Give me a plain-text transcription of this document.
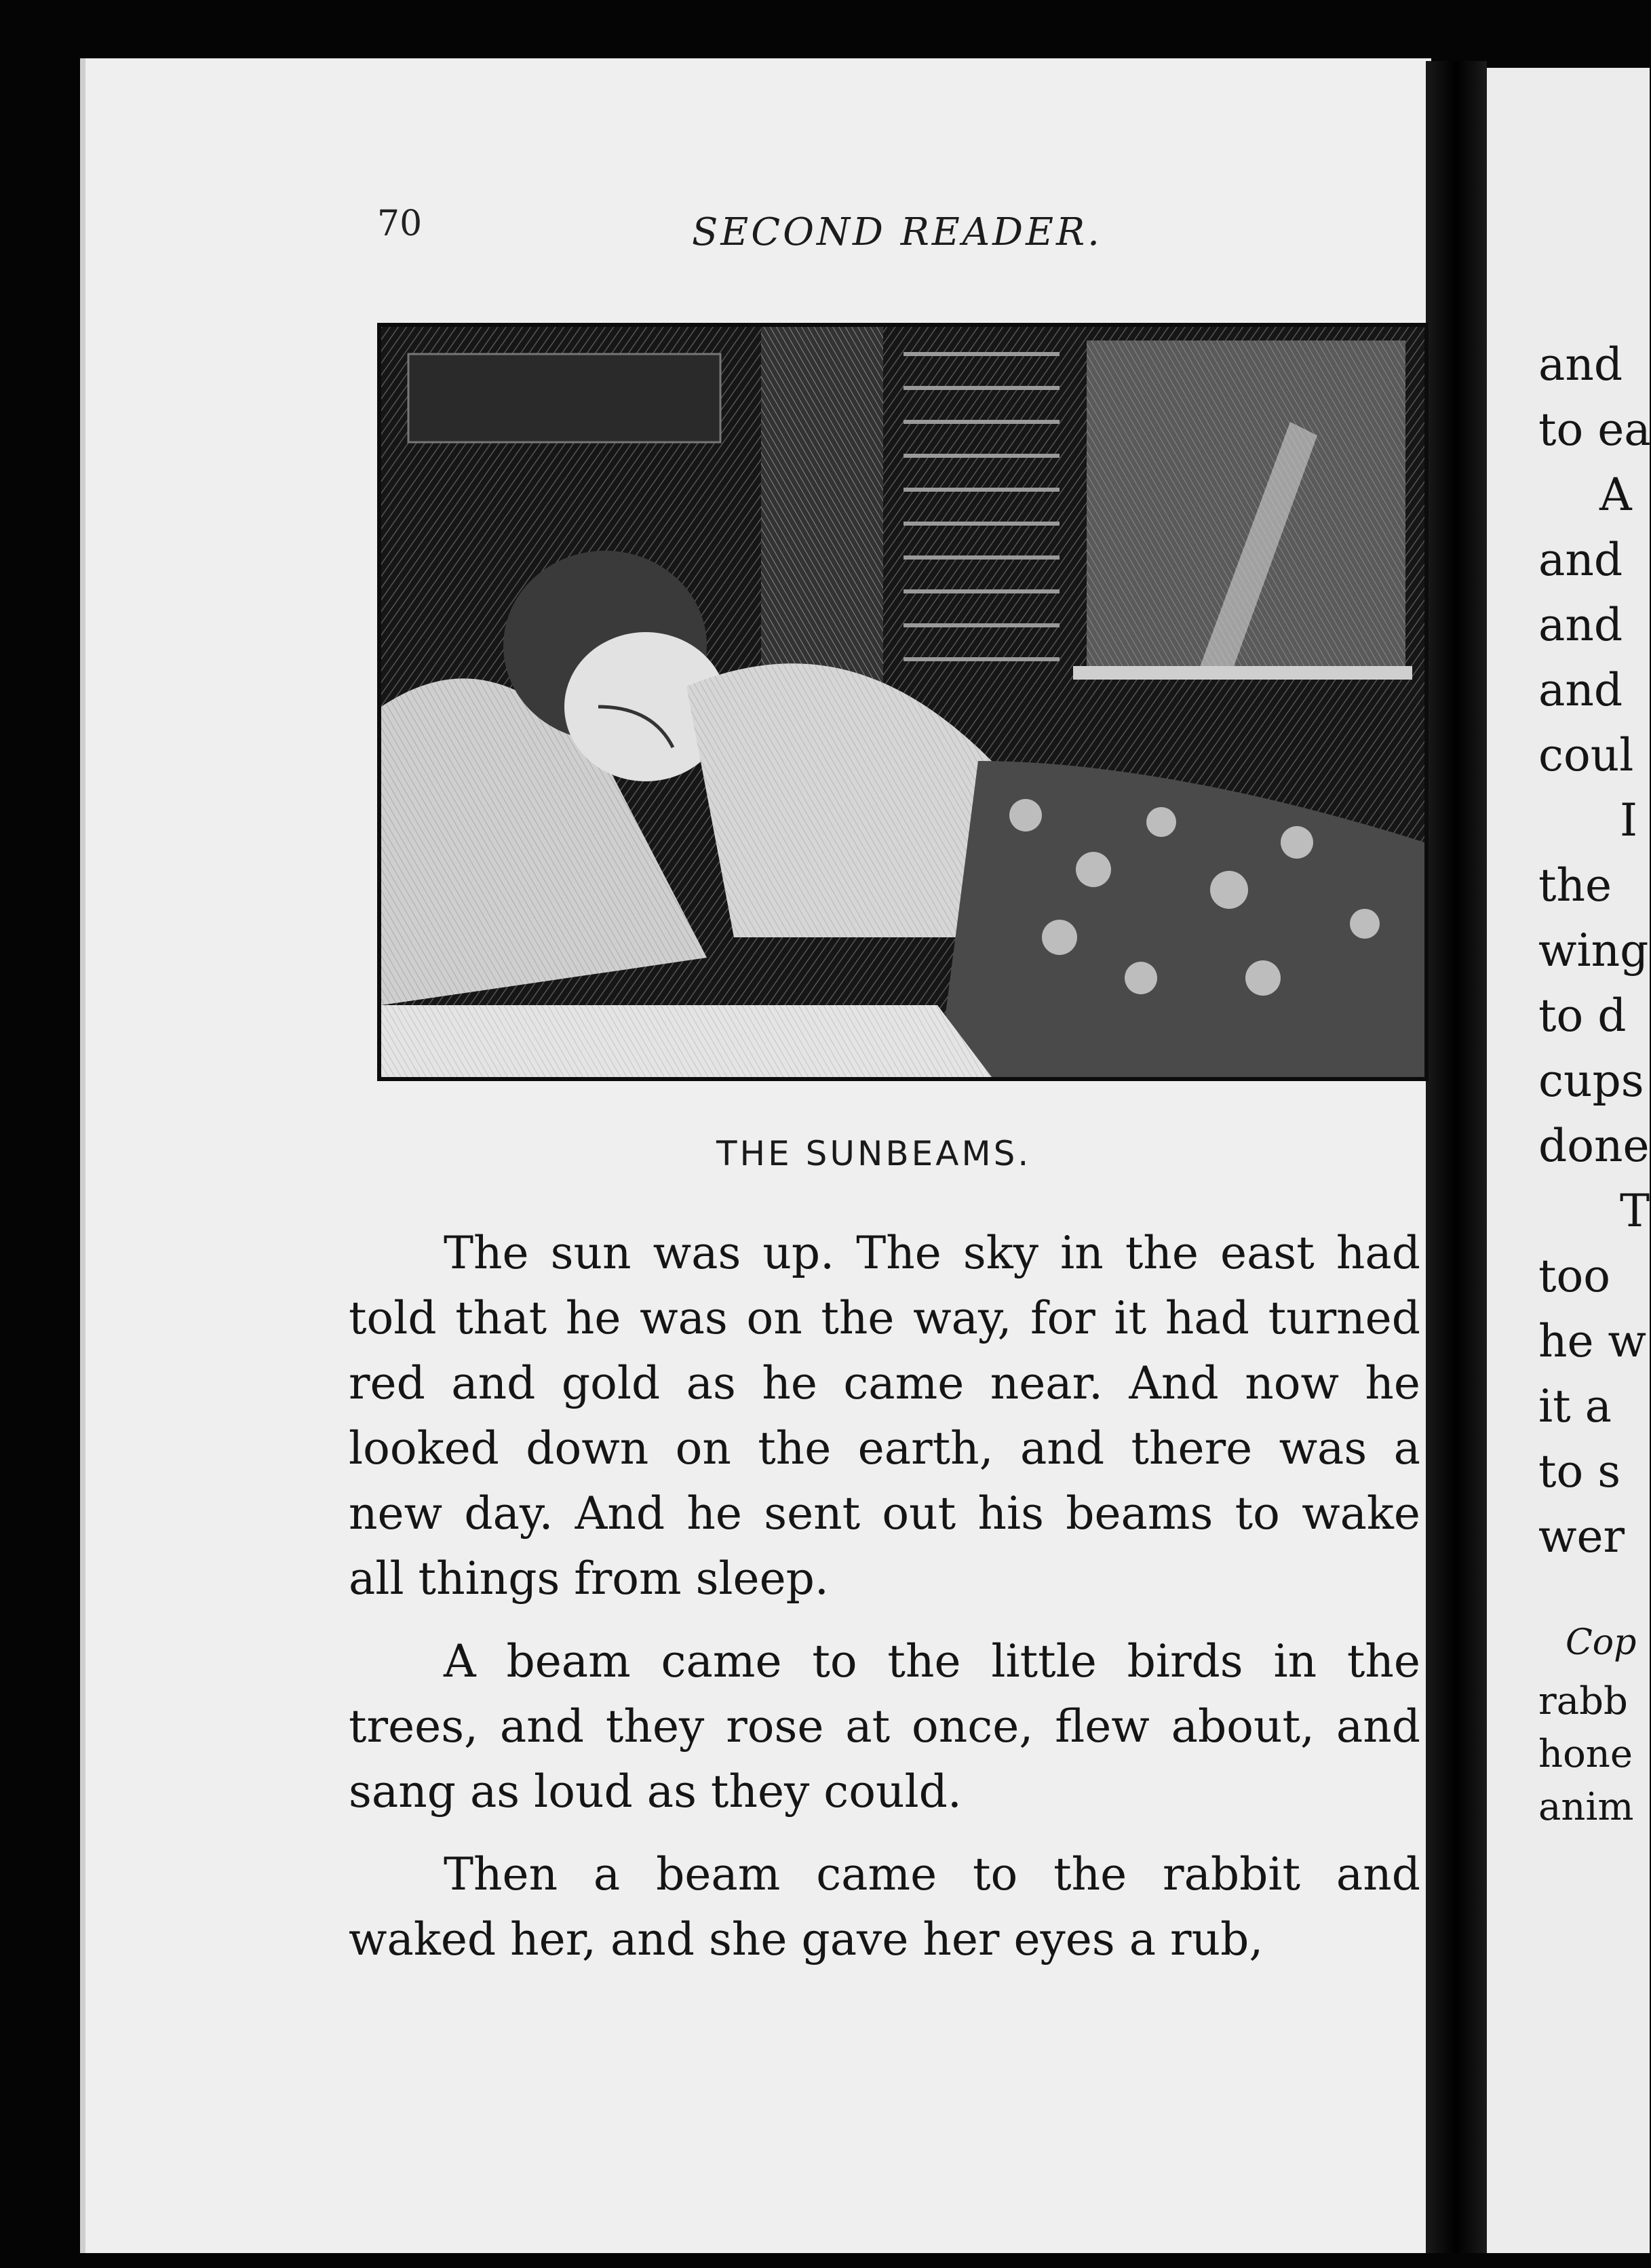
70	SECOND READER.
THE SUNBEAMS.

The sun was up. The sky in the east had told that he was on the way, for it had turned red and gold as he came near. And now he looked down on the earth, and there was a new day. And he sent out his beams to wake all things from sleep.

A beam came to the little birds in the trees, and they rose at once, flew about, and sang as loud as they could.

Then a beam came to the rabbit and waked her, and she gave her eyes a rub,

and
to ea
A
and
and
and
coul
I
the
wing
to d
cups
done
T
too
he w
it a
to s
wer
Cop
rabb
hone
anim
